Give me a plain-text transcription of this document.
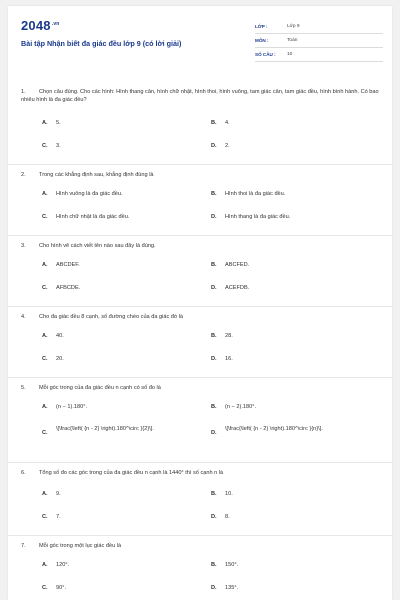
$2048^{.vn}$
Bài tập Nhận biết đa giác đều lớp 9 (có lời giải)
LỚP :	Lớp 9
MÔN :	Toán
SỐ CÂU :	10
1. Chọn câu đúng. Cho các hình: Hình thang cân, hình chữ nhật, hình thoi, hình vuông, tam giác cân, tam giác đều, hình bình hành. Có bao nhiêu hình là đa giác đều?
A.	5.	B.	4.
C.	3.	D.	2.
2. Trong các khẳng định sau, khẳng định đúng là
A.	Hình vuông là đa giác đều.	B.	Hình thoi là đa giác đều.
C.	Hình chữ nhật là đa giác đều.	D.	Hình thang là đa giác đều.
3. Cho hình vẽ cách viết tên nào sau đây là đúng.
A.	ABCDEF.	B.	ABCFED.
C.	AFBCDE.	D.	ACEFDB.
4. Cho đa giác đều 8 cạnh, số đường chéo của đa giác đó là
A.	40.	B.	28.
C.	20.	D.	16.
5. Mỗi góc trong của đa giác đều n cạnh có số đo là
A.	(n − 1).180°.	B.	(n − 2).180°.
C.
\[\frac{\left( {n - 2} \right).180^\circ }{2}\].
D.
\[\frac{\left( {n - 2} \right).180^\circ }{n}\].
6. Tổng số đo các góc trong của đa giác đều n cạnh là 1440° thì số cạnh n là
A.	9.	B.	10.
C.	7.	D.	8.
7. Mỗi góc trong một lục giác đều là
A.	120°.	B.	150°.
C.	90°.	D.	135°.
